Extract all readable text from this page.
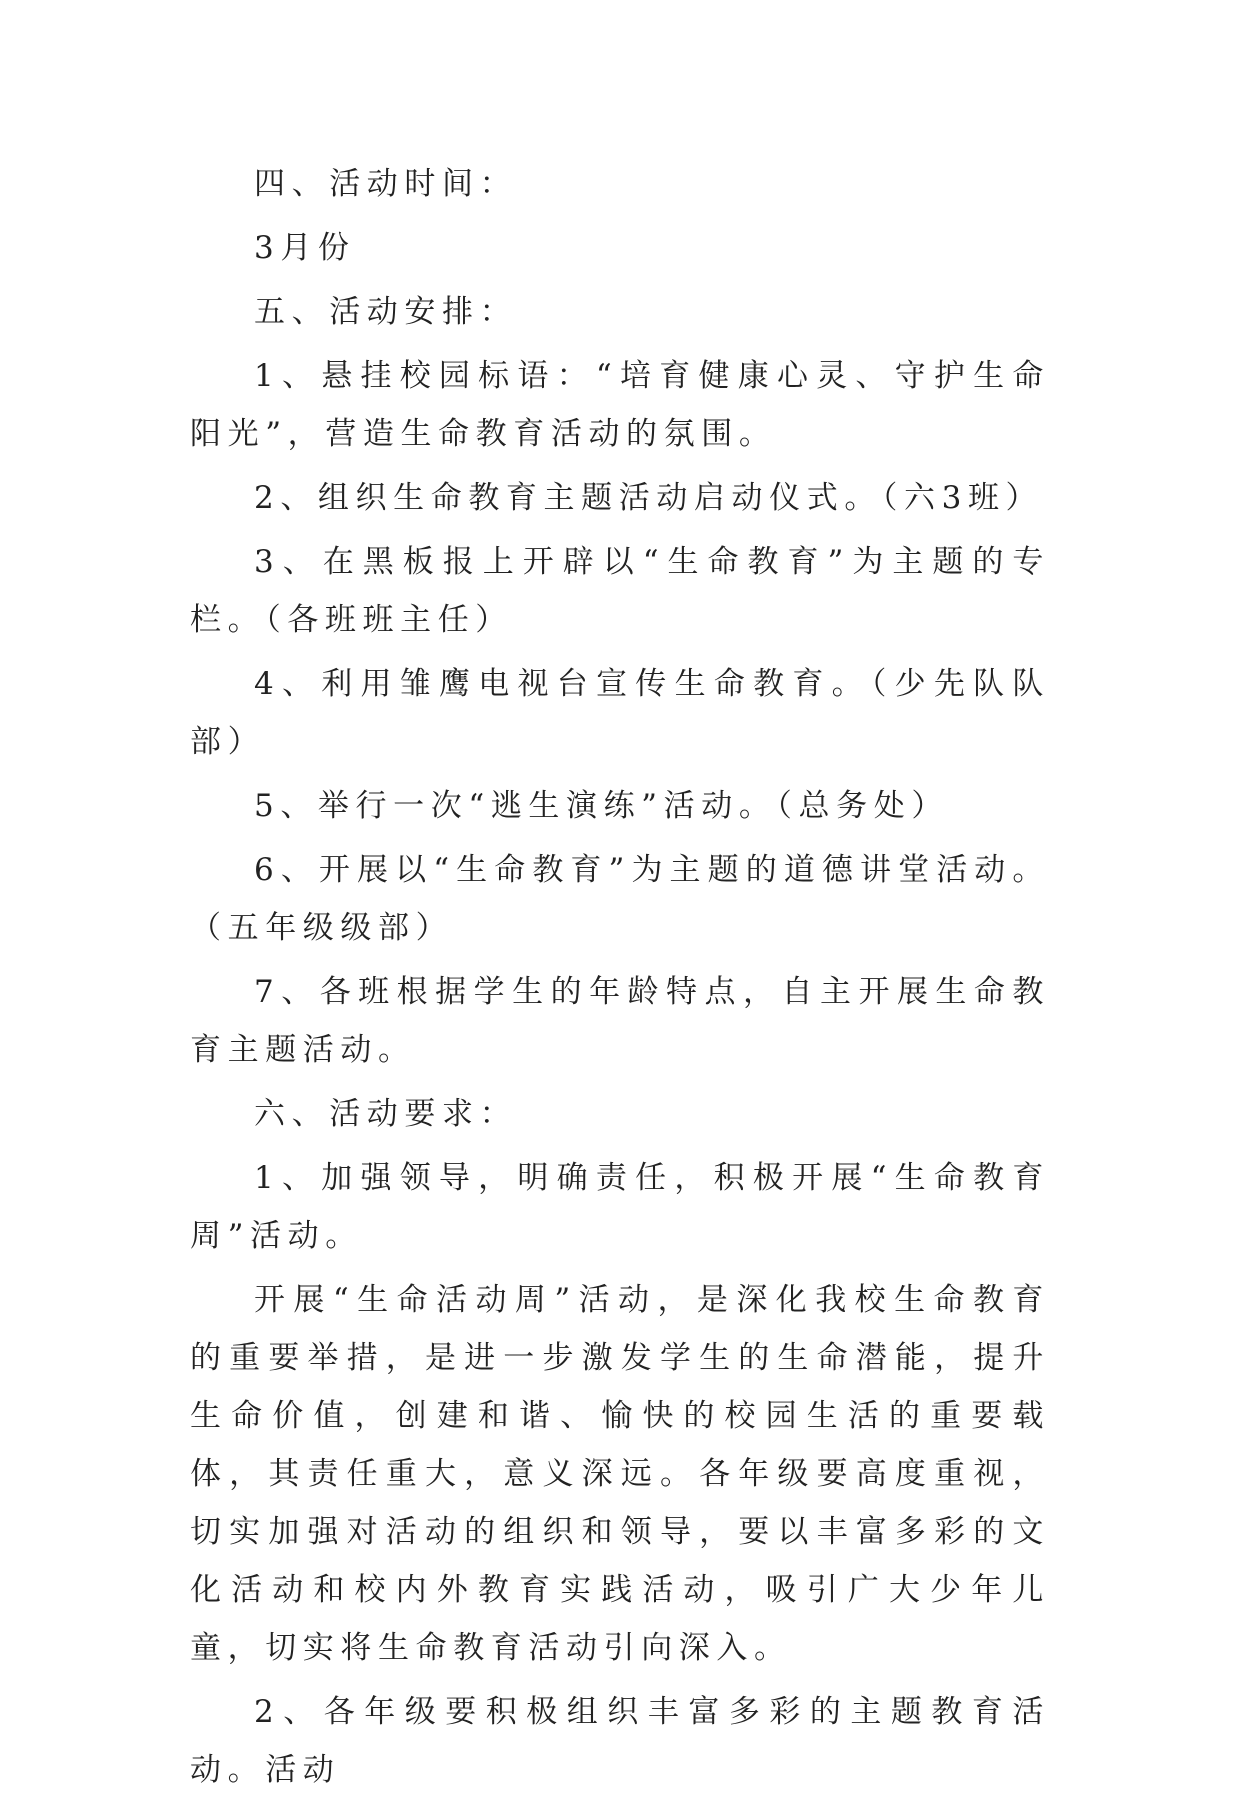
四、活动时间：

3月份

五、活动安排：

1、悬挂校园标语：“培育健康心灵、守护生命阳光”，营造生命教育活动的氛围。

2、组织生命教育主题活动启动仪式。（六3班）

3、在黑板报上开辟以“生命教育”为主题的专栏。（各班班主任）

4、利用雏鹰电视台宣传生命教育。（少先队队部）

5、举行一次“逃生演练”活动。（总务处）

6、开展以“生命教育”为主题的道德讲堂活动。（五年级级部）

7、各班根据学生的年龄特点，自主开展生命教育主题活动。

六、活动要求：

1、加强领导，明确责任，积极开展“生命教育周”活动。

开展“生命活动周”活动，是深化我校生命教育的重要举措，是进一步激发学生的生命潜能，提升生命价值，创建和谐、愉快的校园生活的重要载体，其责任重大，意义深远。各年级要高度重视，切实加强对活动的组织和领导，要以丰富多彩的文化活动和校内外教育实践活动，吸引广大少年儿童，切实将生命教育活动引向深入。

2、各年级要积极组织丰富多彩的主题教育活动。活动
